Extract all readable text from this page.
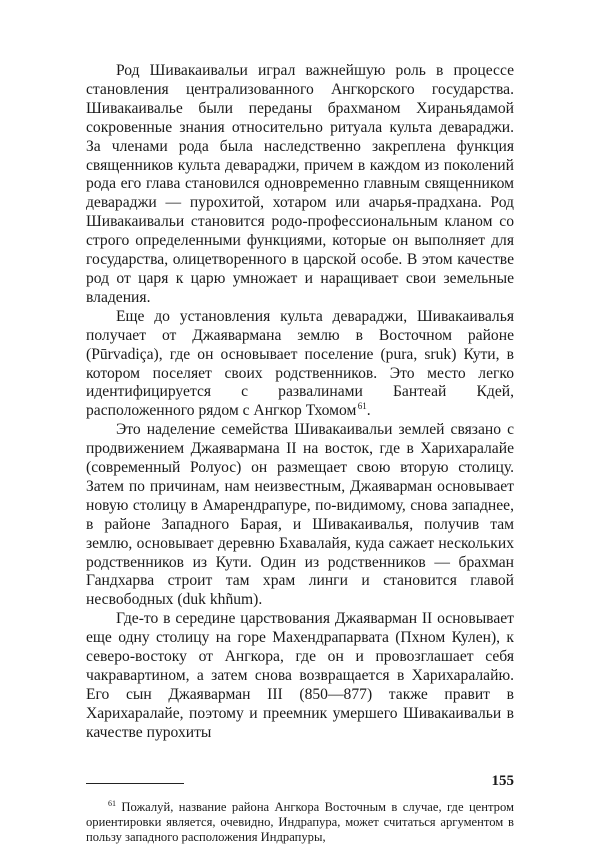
Род Шивакаивальи играл важнейшую роль в процессе становления централизованного Ангкорского государства. Шивакаивалье были переданы брахманом Хираньядамой сокровенные знания относительно ритуала культа девараджи. За членами рода была наследственно закреплена функция священников культа девараджи, причем в каждом из поколений рода его глава становился одновременно главным священником девараджи — пурохитой, хотаром или ачарья-прадхана. Род Шивакаивальи становится родо-профессиональным кланом со строго определенными функциями, которые он выполняет для государства, олицетворенного в царской особе. В этом качестве род от царя к царю умножает и наращивает свои земельные владения.

Еще до установления культа девараджи, Шивакаивалья получает от Джаявармана землю в Восточном районе (Pūrvadiça), где он основывает поселение (pura, sruk) Кути, в котором поселяет своих родственников. Это место легко идентифицируется с развалинами Бантеай Кдей, расположенного рядом с Ангкор Тхомом $^{61}$.

Это наделение семейства Шивакаивальи землей связано с продвижением Джаявармана II на восток, где в Харихаралайе (современный Ролуос) он размещает свою вторую столицу. Затем по причинам, нам неизвестным, Джаяварман основывает новую столицу в Амарендрапуре, по-видимому, снова западнее, в районе Западного Барая, и Шивакаивалья, получив там землю, основывает деревню Бхавалайя, куда сажает нескольких родственников из Кути. Один из родственников — брахман Гандхарва строит там храм линги и становится главой несвободных (duk khñum).

Где-то в середине царствования Джаяварман II основывает еще одну столицу на горе Махендрапарвата (Пхном Кулен), к северо-востоку от Ангкора, где он и провозглашает себя чакравартином, а затем снова возвращается в Харихаралайю. Его сын Джаяварман III (850—877) также правит в Харихаралайе, поэтому и преемник умершего Шивакаивальи в качестве пурохиты

$^{61}$ Пожалуй, название района Ангкора Восточным в случае, где центром ориентировки является, очевидно, Индрапура, может считаться аргументом в пользу западного расположения Индрапуры,

155
